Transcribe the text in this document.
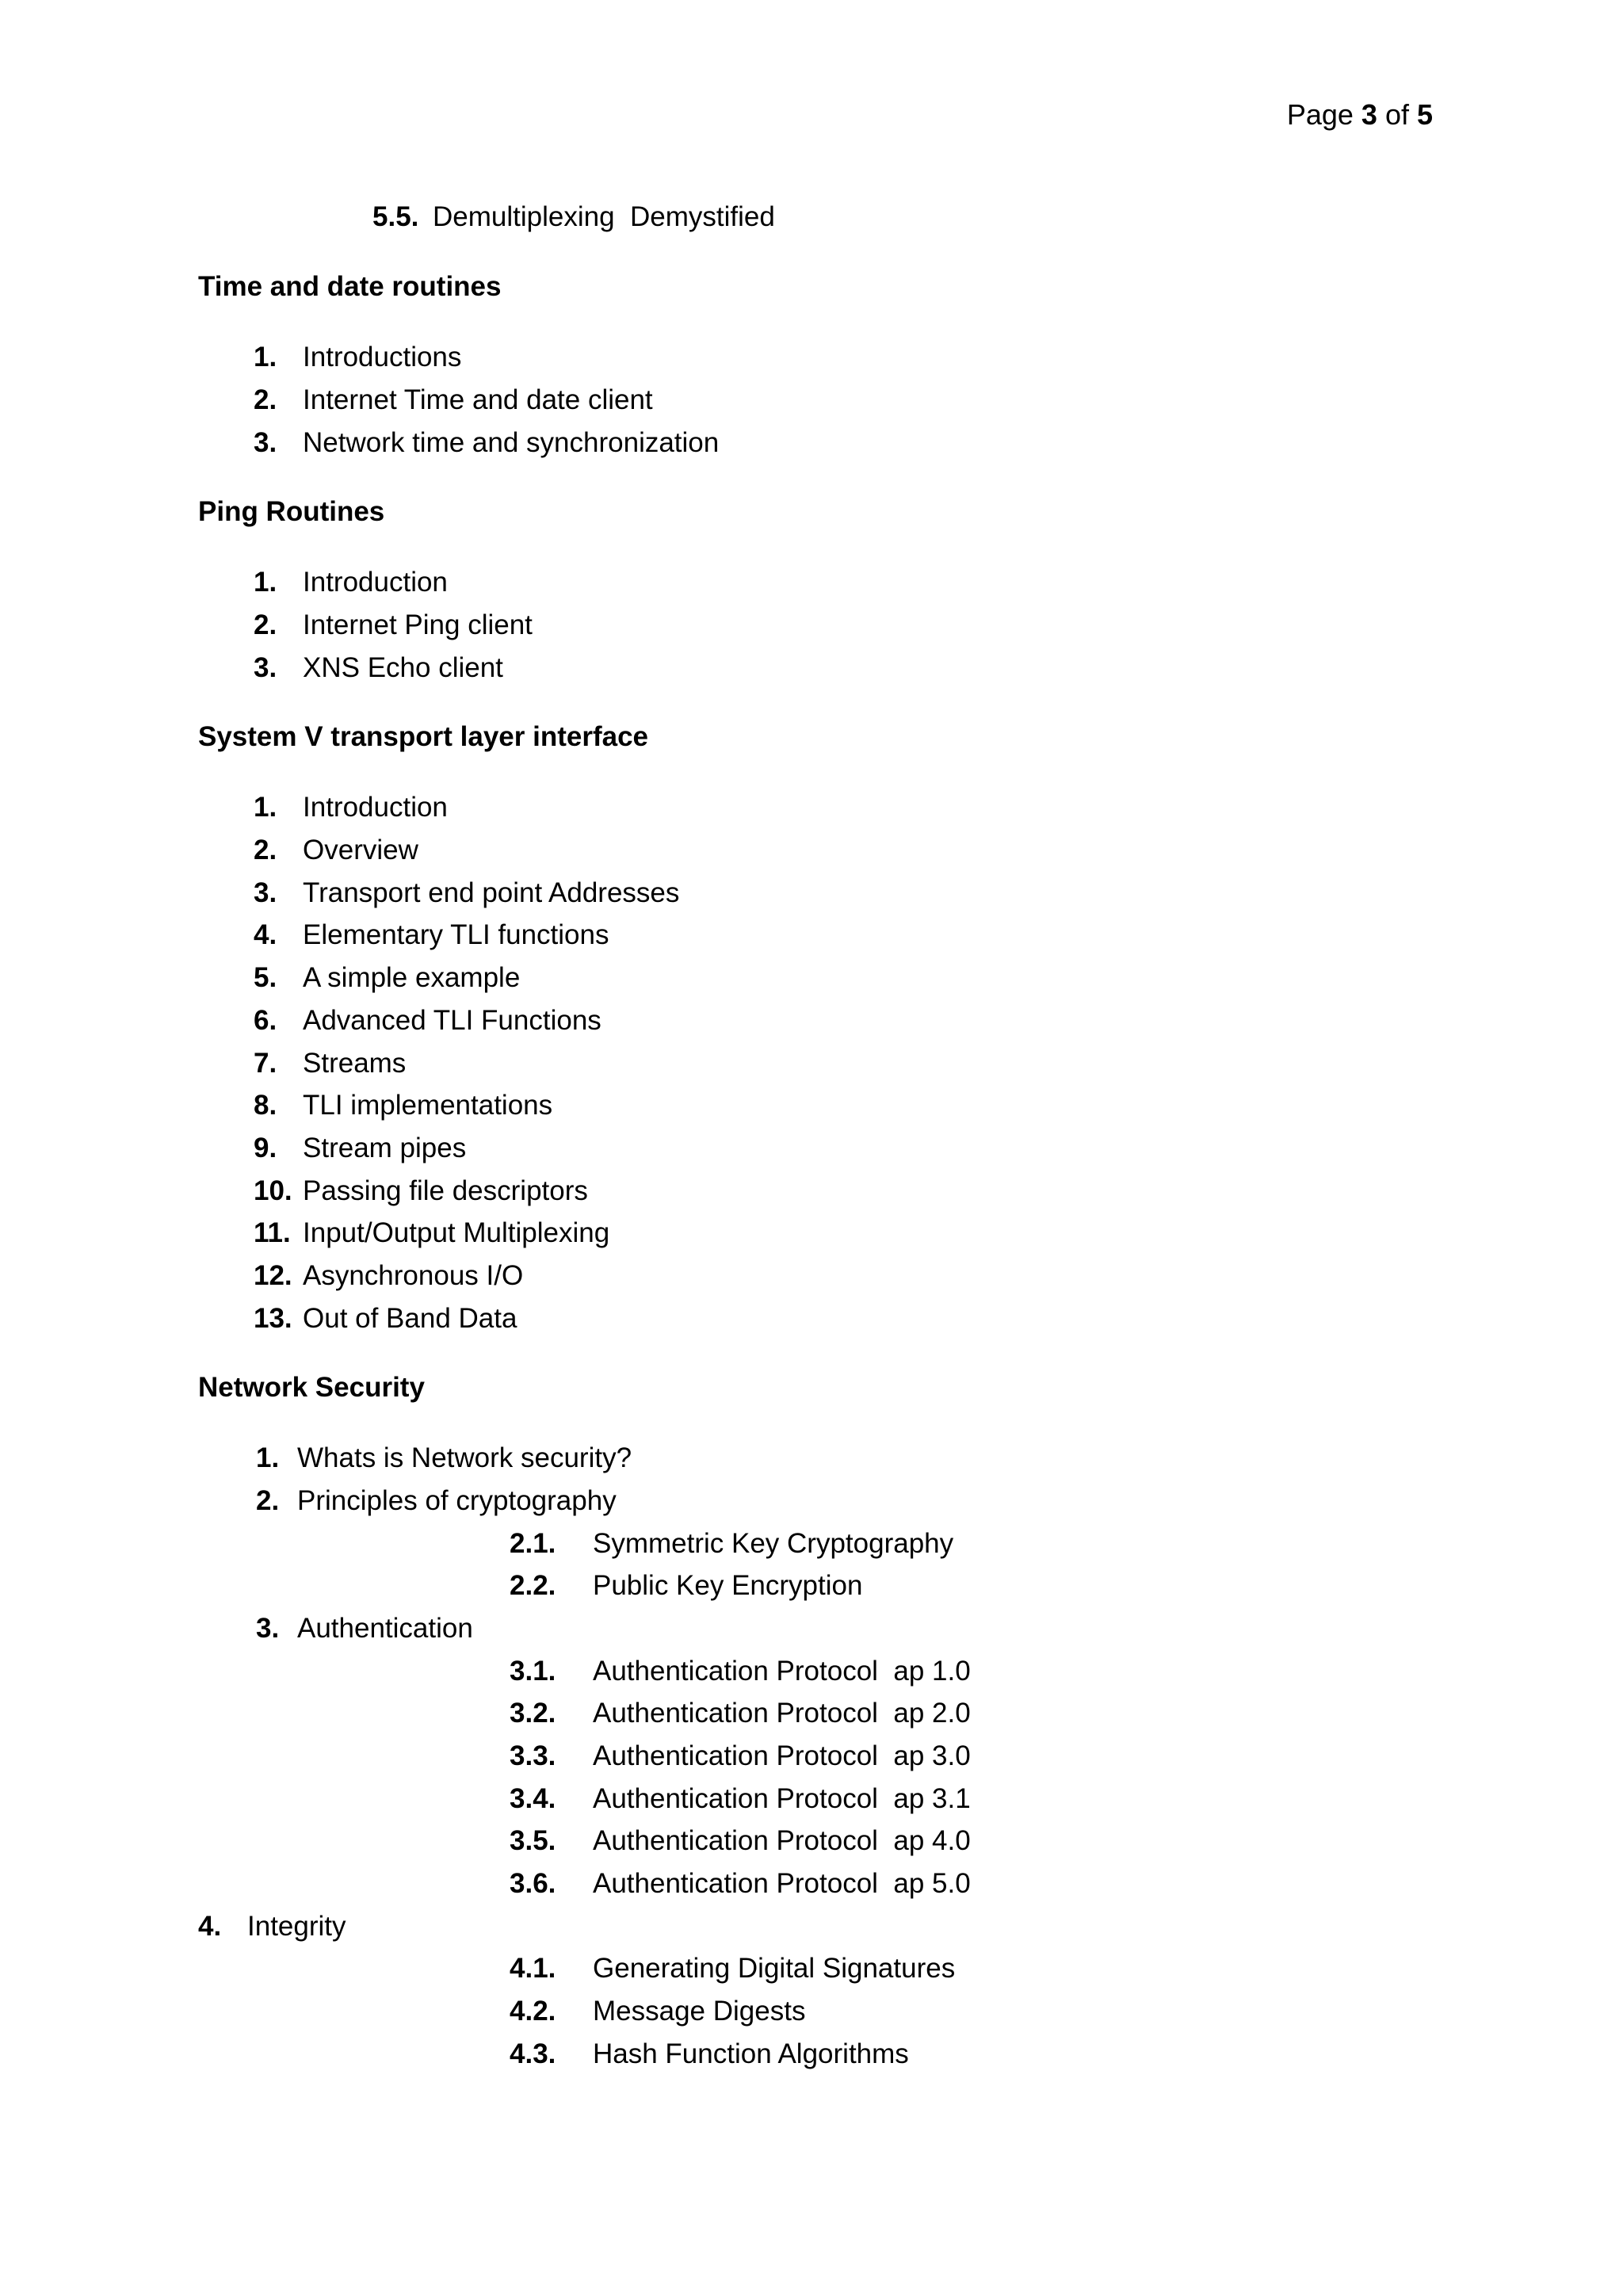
Page 3 of 5
5.5. Demultiplexing  Demystified
Time and date routines
1. Introductions
2. Internet Time and date client
3. Network time and synchronization
Ping Routines
1. Introduction
2. Internet Ping client
3. XNS Echo client
System V transport layer interface
1. Introduction
2. Overview
3. Transport end point Addresses
4. Elementary TLI functions
5. A simple example
6. Advanced TLI Functions
7. Streams
8. TLI implementations
9. Stream pipes
10. Passing file descriptors
11. Input/Output Multiplexing
12. Asynchronous I/O
13. Out of Band Data
Network Security
1. Whats is Network security?
2. Principles of cryptography
2.1. Symmetric Key Cryptography
2.2. Public Key Encryption
3. Authentication
3.1. Authentication Protocol  ap 1.0
3.2. Authentication Protocol  ap 2.0
3.3. Authentication Protocol  ap 3.0
3.4. Authentication Protocol  ap 3.1
3.5. Authentication Protocol  ap 4.0
3.6. Authentication Protocol  ap 5.0
4. Integrity
4.1. Generating Digital Signatures
4.2. Message Digests
4.3. Hash Function Algorithms
